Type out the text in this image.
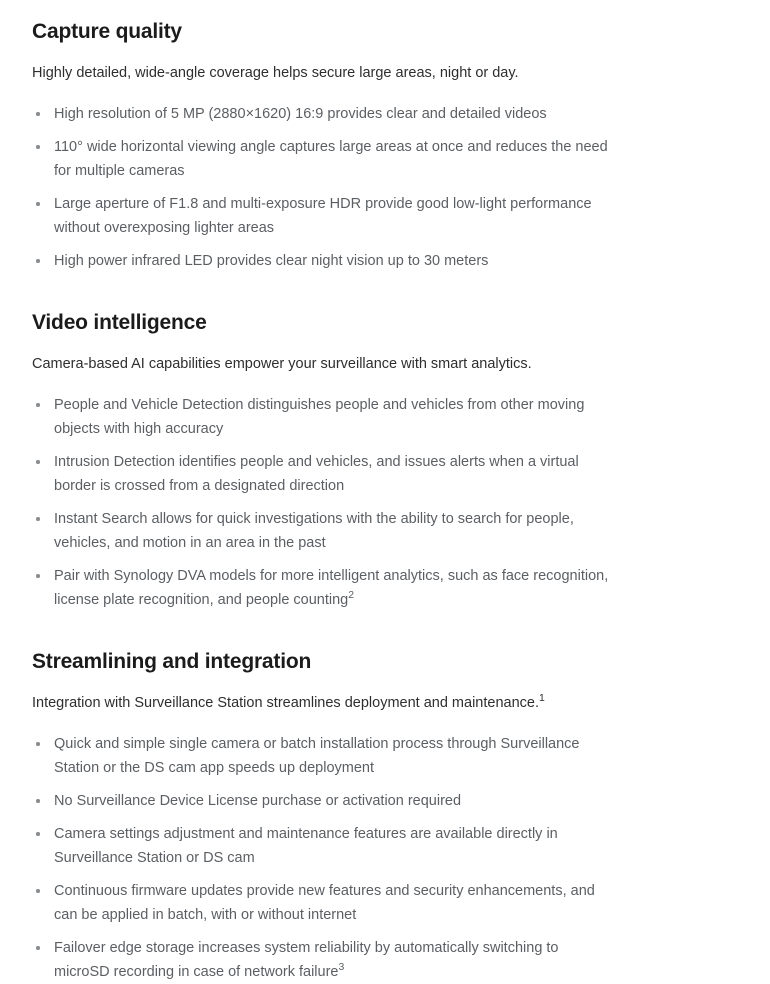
Capture quality

Highly detailed, wide-angle coverage helps secure large areas, night or day.

High resolution of 5 MP (2880×1620) 16:9 provides clear and detailed videos
110° wide horizontal viewing angle captures large areas at once and reduces the need for multiple cameras
Large aperture of F1.8 and multi-exposure HDR provide good low-light performance without overexposing lighter areas
High power infrared LED provides clear night vision up to 30 meters
Video intelligence

Camera-based AI capabilities empower your surveillance with smart analytics.

People and Vehicle Detection distinguishes people and vehicles from other moving objects with high accuracy
Intrusion Detection identifies people and vehicles, and issues alerts when a virtual border is crossed from a designated direction
Instant Search allows for quick investigations with the ability to search for people, vehicles, and motion in an area in the past
Pair with Synology DVA models for more intelligent analytics, such as face recognition, license plate recognition, and people counting$^2$
Streamlining and integration

Integration with Surveillance Station streamlines deployment and maintenance.$^1$

Quick and simple single camera or batch installation process through Surveillance Station or the DS cam app speeds up deployment
No Surveillance Device License purchase or activation required
Camera settings adjustment and maintenance features are available directly in Surveillance Station or DS cam
Continuous firmware updates provide new features and security enhancements, and can be applied in batch, with or without internet
Failover edge storage increases system reliability by automatically switching to microSD recording in case of network failure$^3$
